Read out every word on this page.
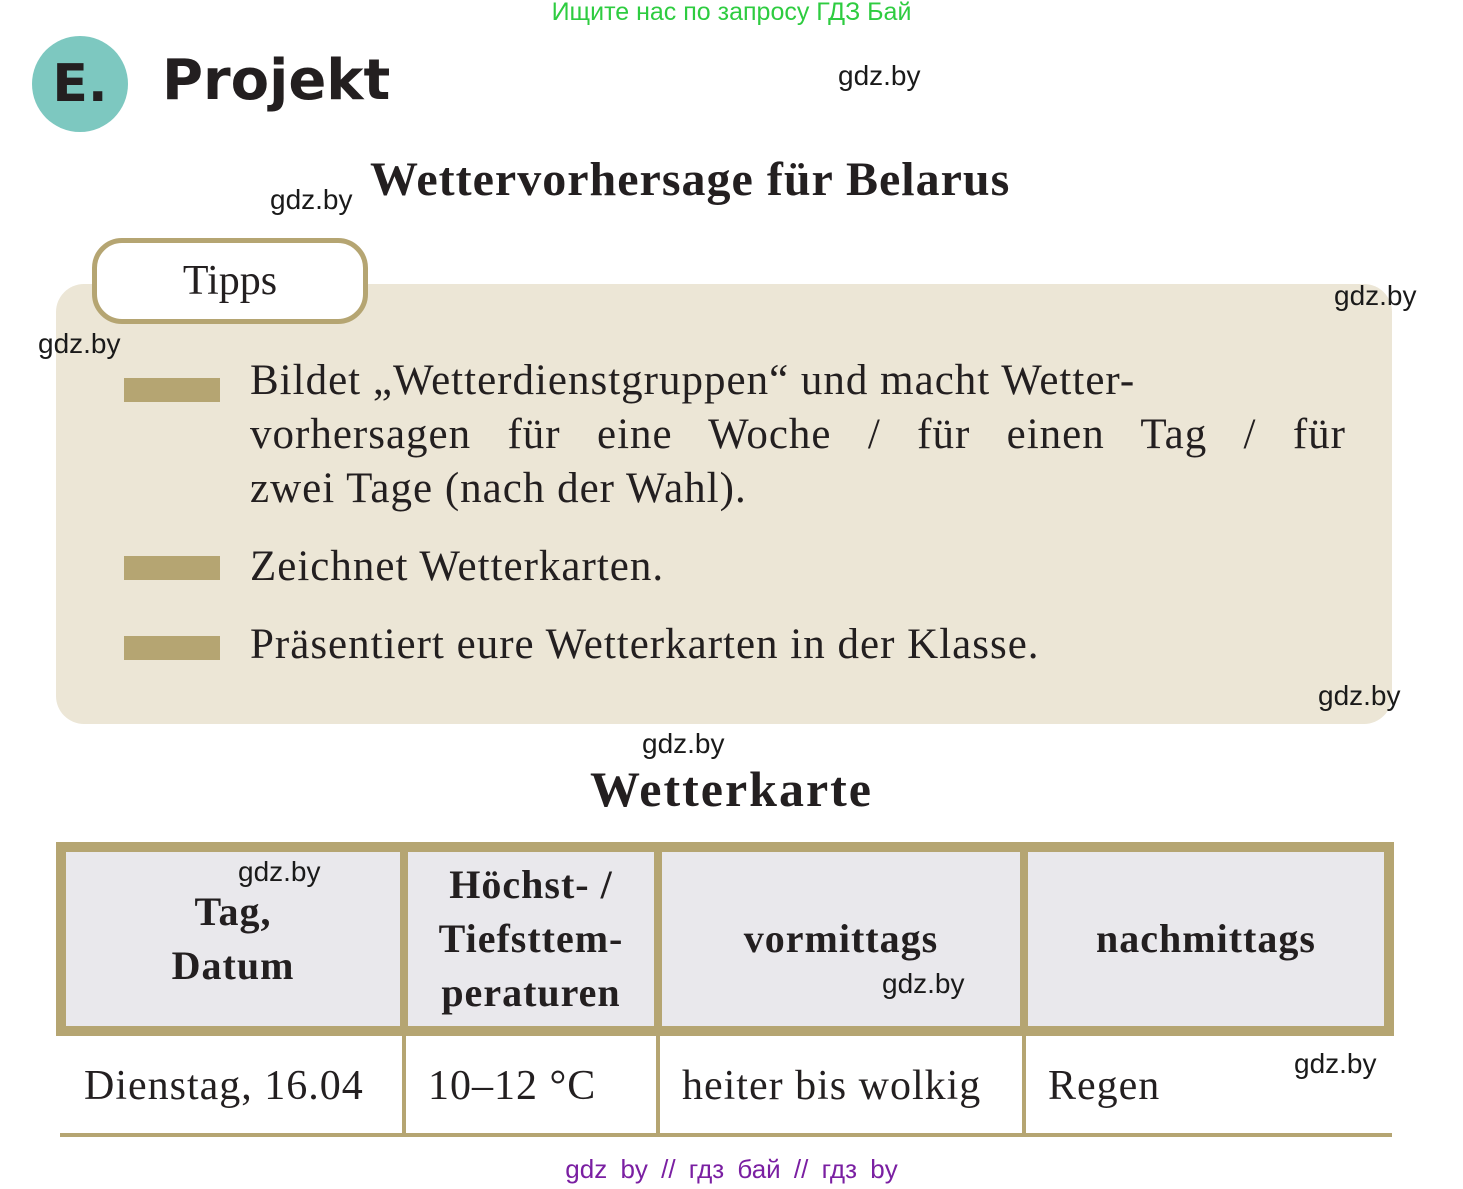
Ищите нас по запросу ГДЗ Бай
E. Projekt
Wettervorhersage für Belarus
Tipps
Bildet „Wetterdienstgruppen“ und macht Wetter-

vorhersagen für eine Woche / für einen Tag / für
zwei Tage (nach der Wahl).
Zeichnet Wetterkarten.
Präsentiert eure Wetterkarten in der Klasse.
Wetterkarte
Tag,
Datum
Höchst- /
Tiefsttem-
peraturen
vormittags	nachmittags
Dienstag, 16.04 10–12 °C heiter bis wolkig Regen
gdz.by
gdz.by
gdz.by
gdz.by
gdz.by
gdz.by
gdz.by
gdz.by
gdz.by
gdz by // гдз бай // гдз by
